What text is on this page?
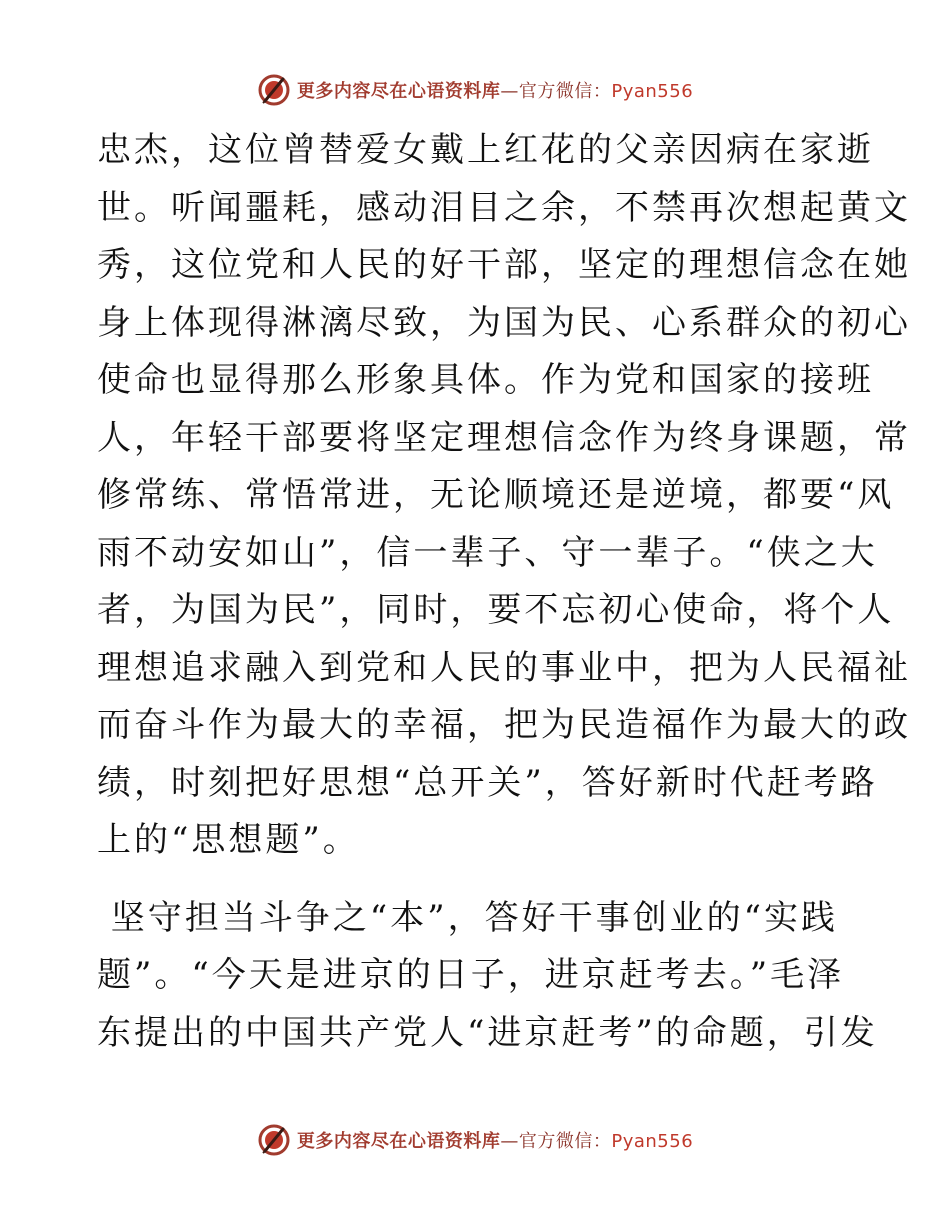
更多内容尽在心语资料库—官方微信：Pyan556
忠杰，这位曾替爱女戴上红花的父亲因病在家逝
世。听闻噩耗，感动泪目之余，不禁再次想起黄文
秀，这位党和人民的好干部，坚定的理想信念在她
身上体现得淋漓尽致，为国为民、心系群众的初心
使命也显得那么形象具体。作为党和国家的接班
人，年轻干部要将坚定理想信念作为终身课题，常
修常练、常悟常进，无论顺境还是逆境，都要“风
雨不动安如山”，信一辈子、守一辈子。“侠之大
者，为国为民”，同时，要不忘初心使命，将个人
理想追求融入到党和人民的事业中，把为人民福祉
而奋斗作为最大的幸福，把为民造福作为最大的政
绩，时刻把好思想“总开关”，答好新时代赶考路
上的“思想题”。
坚守担当斗争之“本”，答好干事创业的“实践
题”。“今天是进京的日子，进京赶考去。”毛泽
东提出的中国共产党人“进京赶考”的命题，引发
更多内容尽在心语资料库—官方微信：Pyan556
